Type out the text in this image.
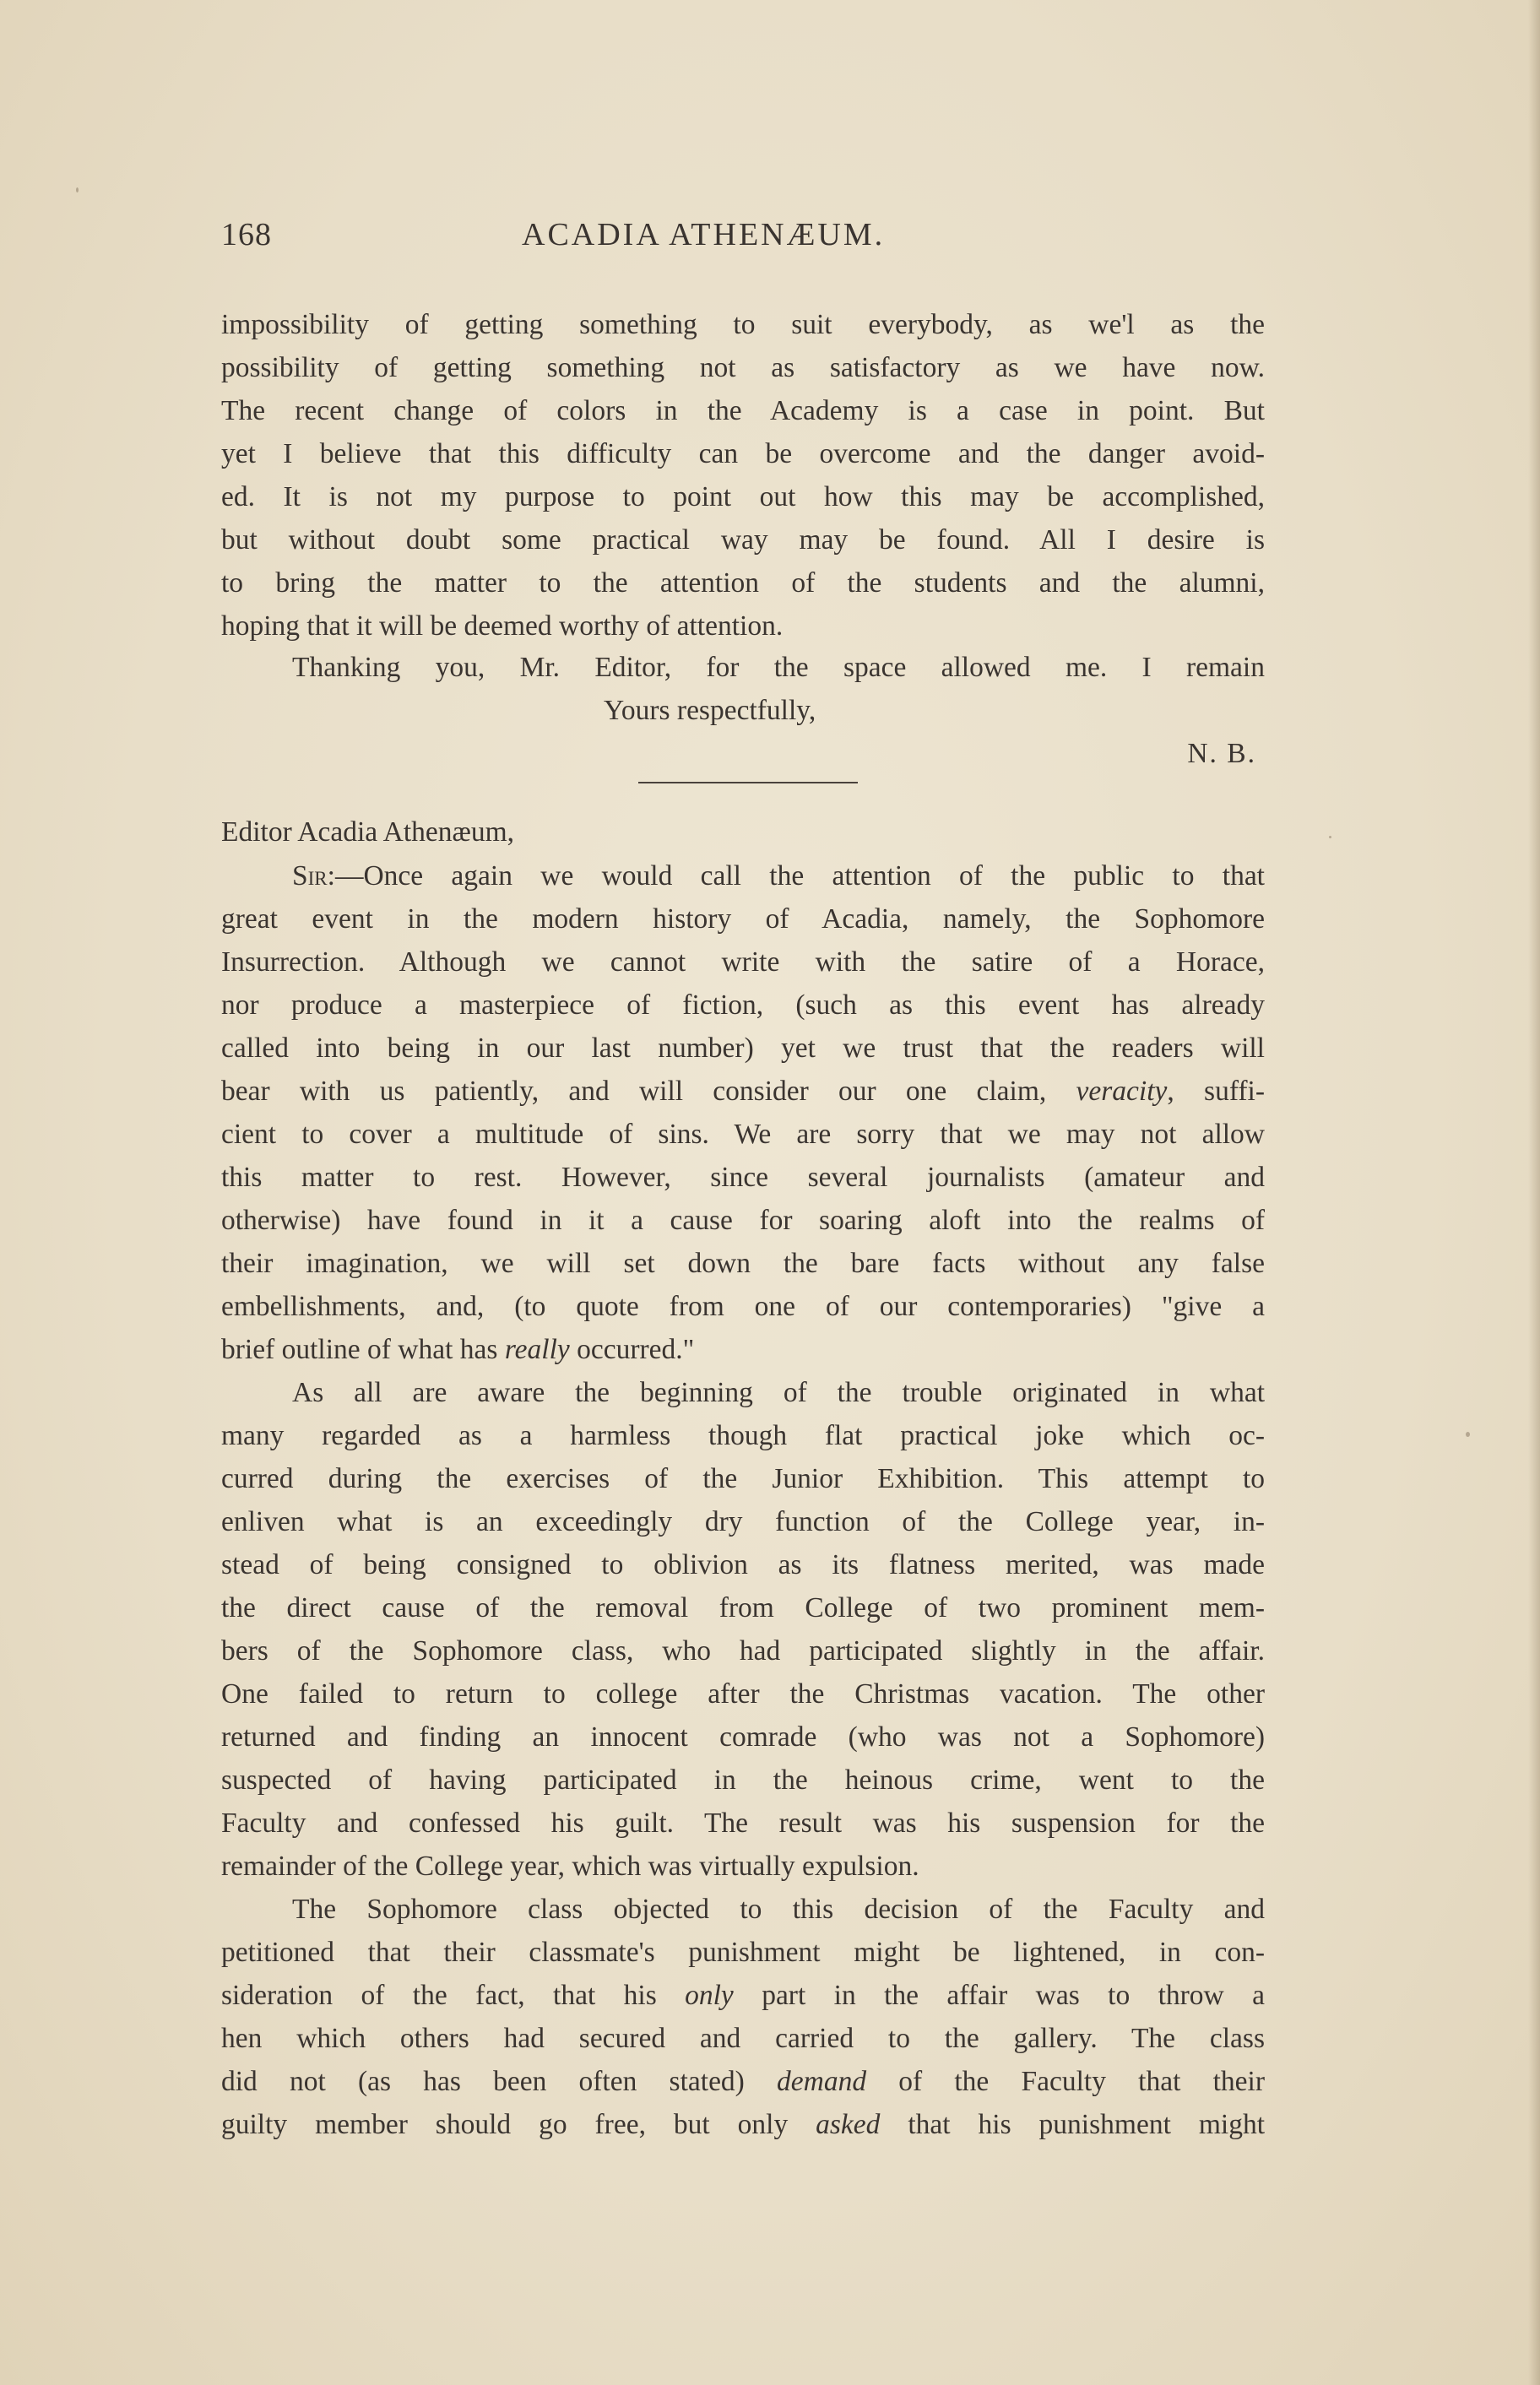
168	ACADIA ATHENÆUM.
impossibility of getting something to suit everybody, as we'l as the
possibility of getting something not as satisfactory as we have now.
The recent change of colors in the Academy is a case in point. But
yet I believe that this difficulty can be overcome and the danger avoid-
ed. It is not my purpose to point out how this may be accomplished,
but without doubt some practical way may be found. All I desire is
to bring the matter to the attention of the students and the alumni,
hoping that it will be deemed worthy of attention.
Thanking you, Mr. Editor, for the space allowed me. I remain
Yours respectfully,
N. B.
Editor Acadia Athenæum,
Sir:—Once again we would call the attention of the public to that
great event in the modern history of Acadia, namely, the Sophomore
Insurrection. Although we cannot write with the satire of a Horace,
nor produce a masterpiece of fiction, (such as this event has already
called into being in our last number) yet we trust that the readers will
bear with us patiently, and will consider our one claim, veracity, suffi-
cient to cover a multitude of sins. We are sorry that we may not allow
this matter to rest. However, since several journalists (amateur and
otherwise) have found in it a cause for soaring aloft into the realms of
their imagination, we will set down the bare facts without any false
embellishments, and, (to quote from one of our contemporaries) "give a
brief outline of what has really occurred."
As all are aware the beginning of the trouble originated in what
many regarded as a harmless though flat practical joke which oc-
curred during the exercises of the Junior Exhibition. This attempt to
enliven what is an exceedingly dry function of the College year, in-
stead of being consigned to oblivion as its flatness merited, was made
the direct cause of the removal from College of two prominent mem-
bers of the Sophomore class, who had participated slightly in the affair.
One failed to return to college after the Christmas vacation. The other
returned and finding an innocent comrade (who was not a Sophomore)
suspected of having participated in the heinous crime, went to the
Faculty and confessed his guilt. The result was his suspension for the
remainder of the College year, which was virtually expulsion.
The Sophomore class objected to this decision of the Faculty and
petitioned that their classmate's punishment might be lightened, in con-
sideration of the fact, that his only part in the affair was to throw a
hen which others had secured and carried to the gallery. The class
did not (as has been often stated) demand of the Faculty that their
guilty member should go free, but only asked that his punishment might
